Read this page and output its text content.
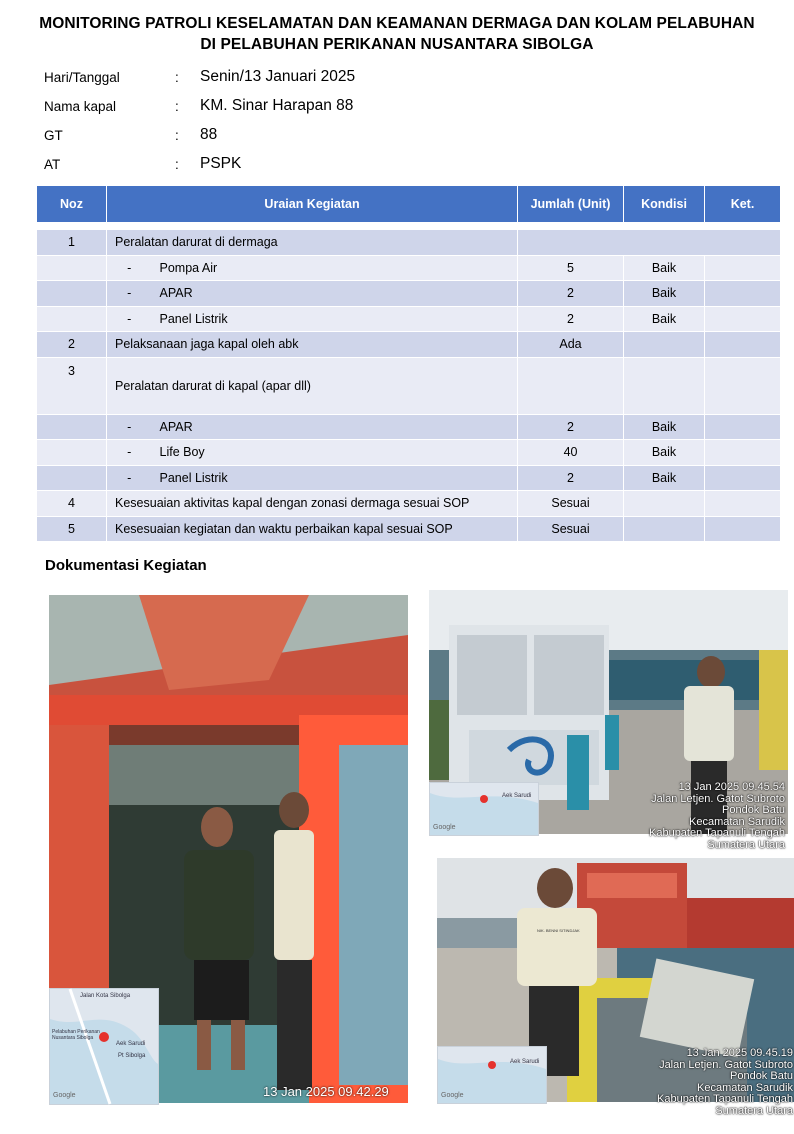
MONITORING PATROLI KESELAMATAN DAN KEAMANAN DERMAGA DAN KOLAM PELABUHAN
DI PELABUHAN PERIKANAN NUSANTARA SIBOLGA
Hari/Tanggal	: Senin/13 Januari 2025
Nama kapal	: KM. Sinar Harapan 88
GT	: 88
AT	: PSPK
Noz	Uraian Kegiatan		Jumlah (Unit)	Kondisi	Ket.

1	Peralatan darurat di dermaga				
	-	Pompa Air	5	Baik	
	-	APAR	2	Baik	
	-	Panel Listrik	2	Baik	
2	Pelaksanaan jaga kapal oleh abk		Ada		
3	Peralatan darurat di kapal (apar dll)				
	-	APAR	2	Baik	
	-	Life Boy	40	Baik	
	-	Panel Listrik	2	Baik	
4	Kesesuaian aktivitas kapal dengan zonasi dermaga sesuai SOP		Sesuai		
5	Kesesuaian kegiatan dan waktu perbaikan kapal sesuai SOP		Sesuai		
Dokumentasi Kegiatan
Jalan Kota Sibolga
Aek Sarudi
Pelabuhan Perikanan Nusantara Sibolga
Pt Sibolga
Google	13 Jan 2025 09.42.29
Aek Sarudi
Google
13 Jan 2025 09.45.54
Jalan Letjen. Gatot Subroto
Pondok Batu
Kecamatan Sarudik
Kabupaten Tapanuli Tengah
Sumatera Utara
NIK. BENNI SITINDJAK
Aek Sarudi
Google
13 Jan 2025 09.45.19
Jalan Letjen. Gatot Subroto
Pondok Batu
Kecamatan Sarudik
Kabupaten Tapanuli Tengah
Sumatera Utara
